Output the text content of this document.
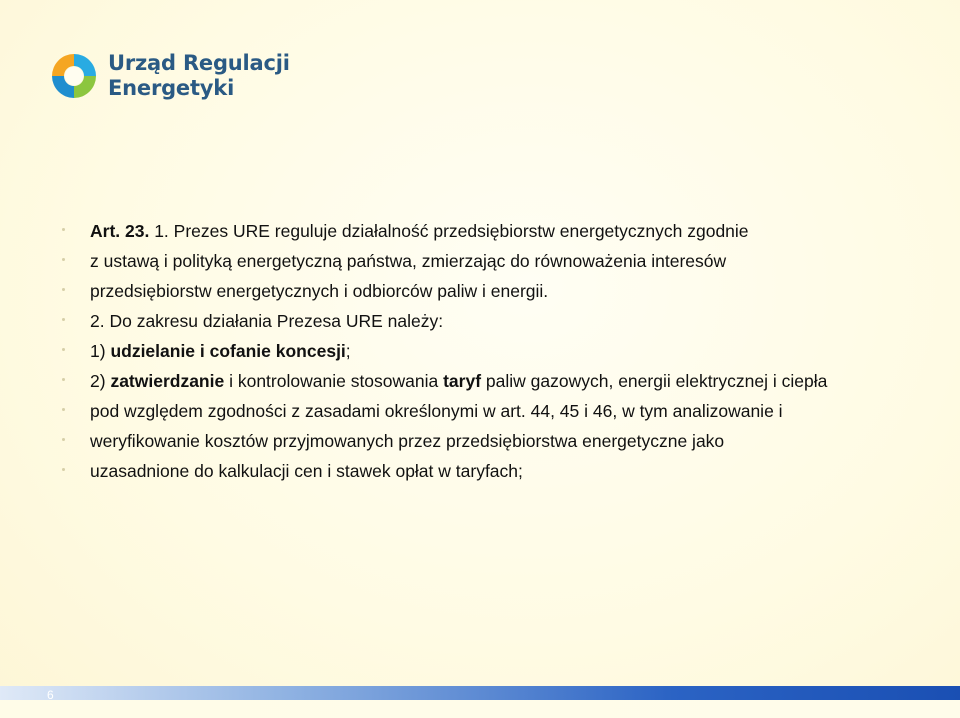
Urząd Regulacji
Energetyki
Art. 23. 1. Prezes URE reguluje działalność przedsiębiorstw energetycznych zgodnie
z ustawą i polityką energetyczną państwa, zmierzając do równoważenia interesów
przedsiębiorstw energetycznych i odbiorców paliw i energii.
2. Do zakresu działania Prezesa URE należy:
1) udzielanie i cofanie koncesji;
2) zatwierdzanie i kontrolowanie stosowania taryf paliw gazowych, energii elektrycznej i ciepła
pod względem zgodności z zasadami określonymi w art. 44, 45 i 46, w tym analizowanie i
weryfikowanie kosztów przyjmowanych przez przedsiębiorstwa energetyczne jako
uzasadnione do kalkulacji cen i stawek opłat w taryfach;
6
